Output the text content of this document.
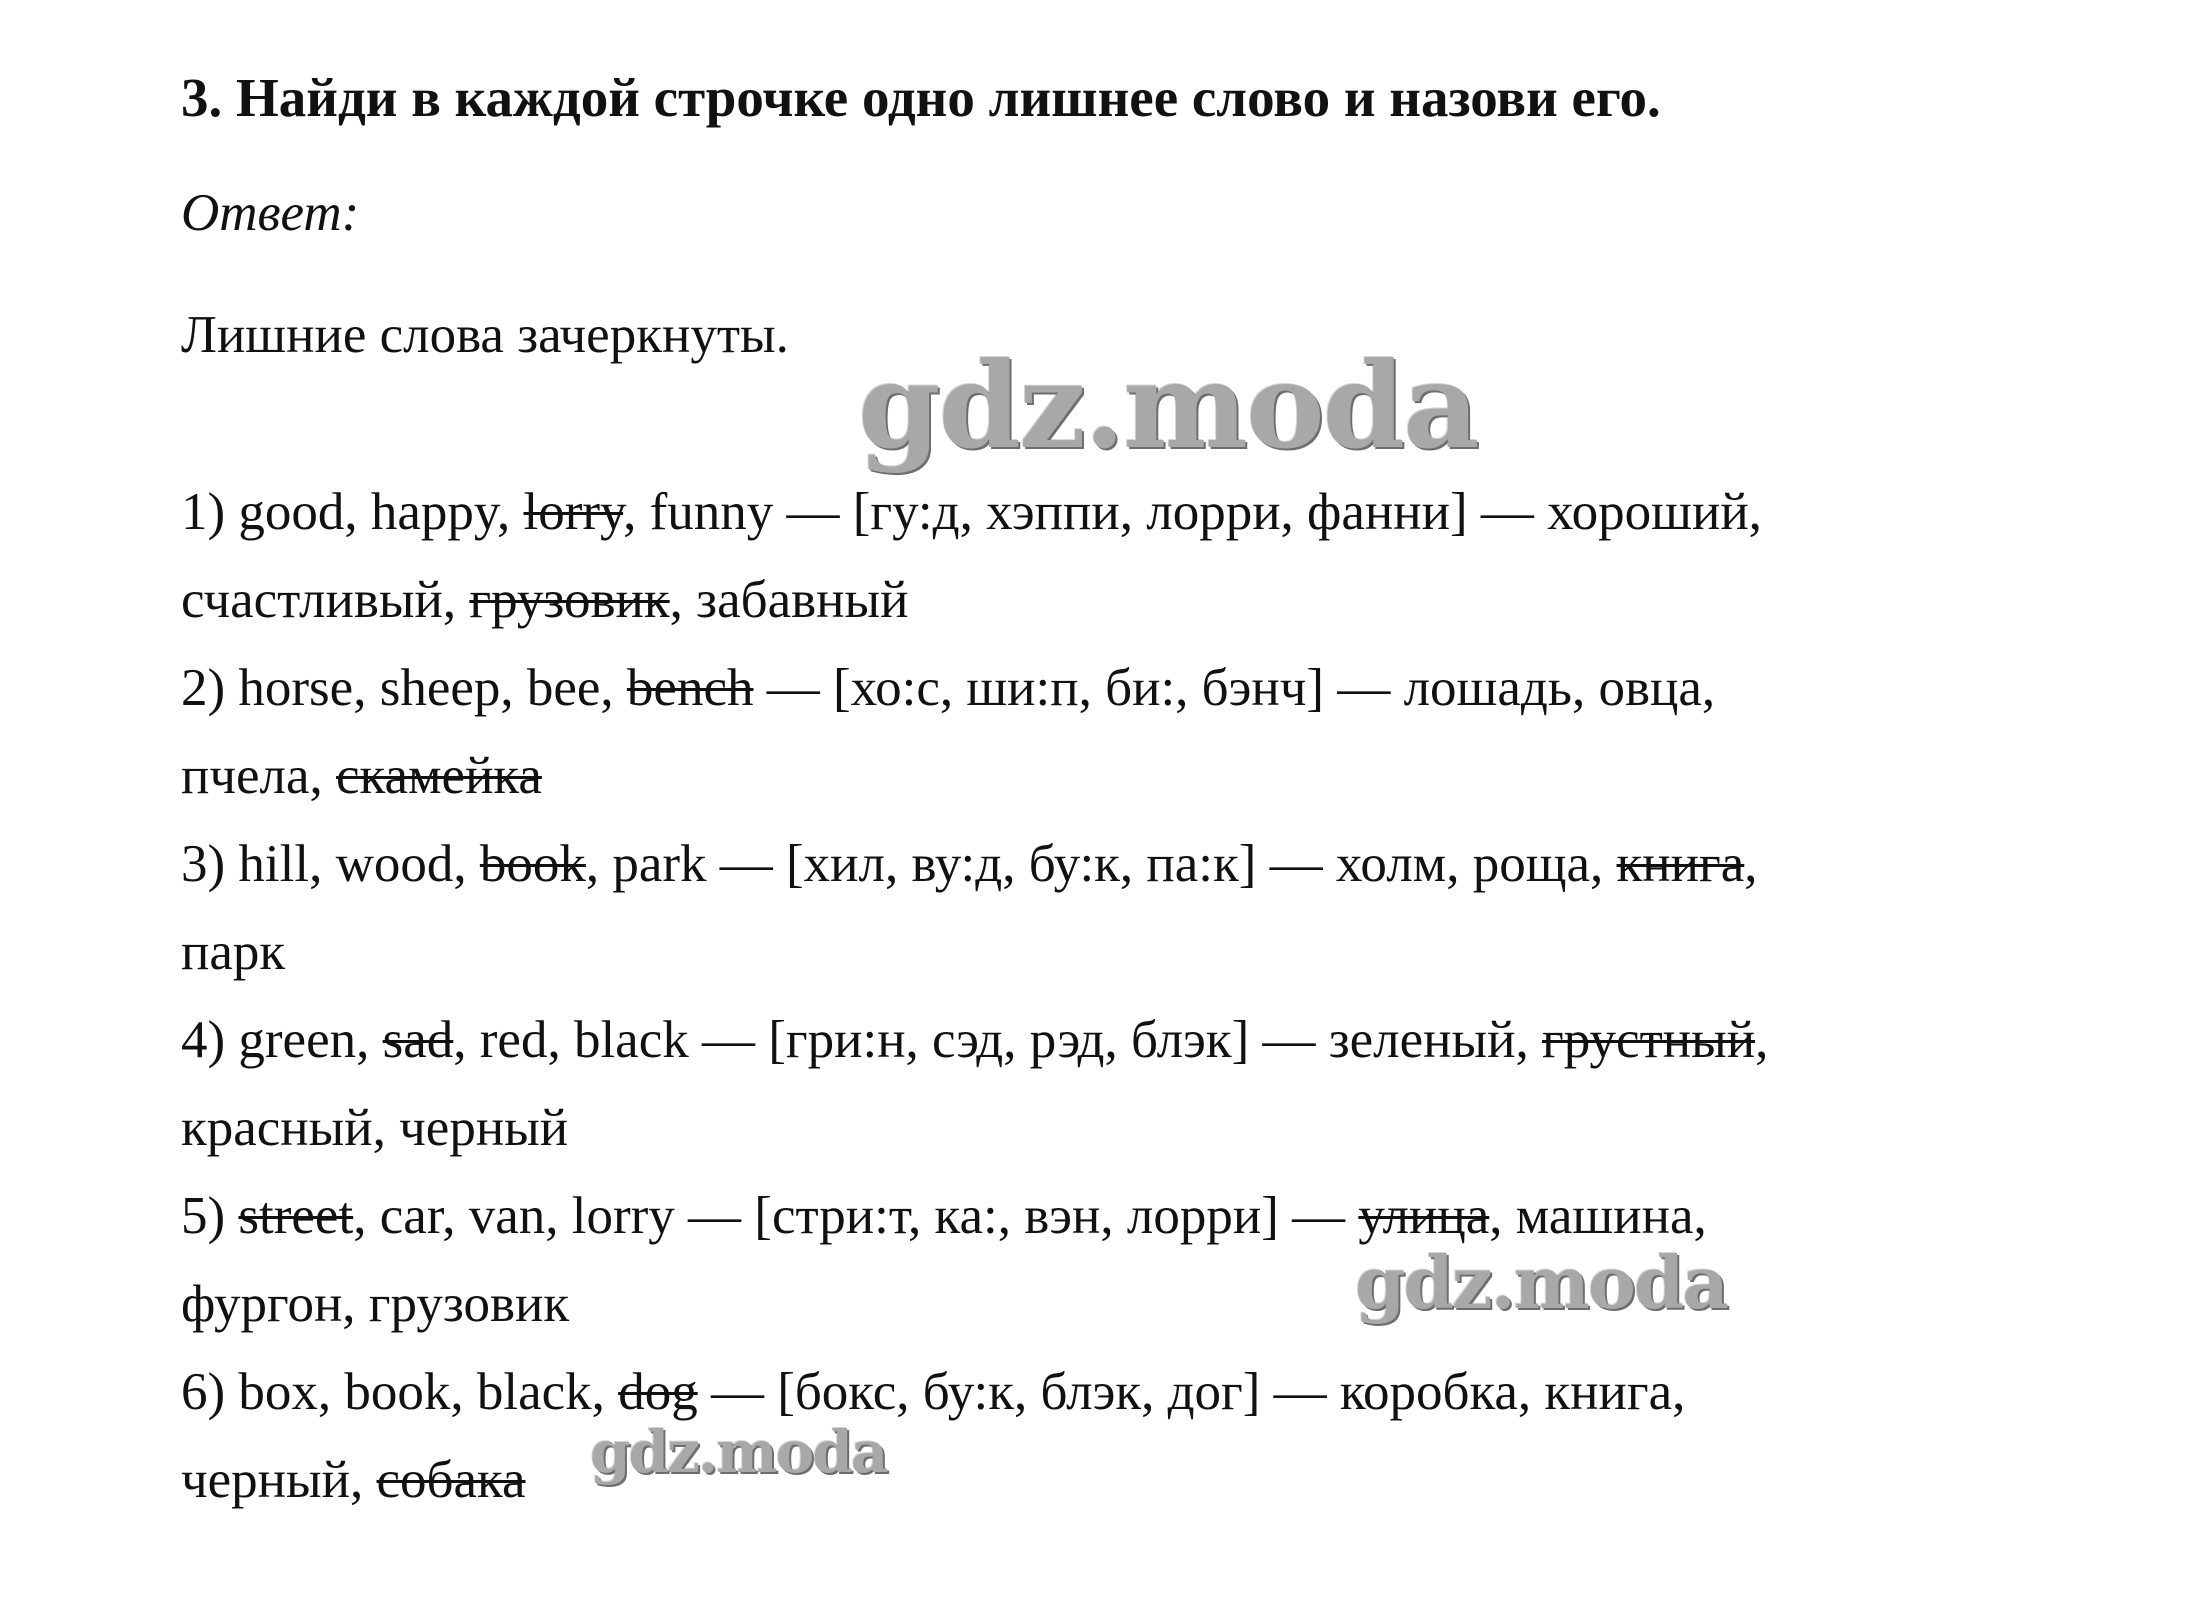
3. Найди в каждой строчке одно лишнее слово и назови его.

Ответ:

Лишние слова зачеркнуты.

gdz.moda
1) good, happy, lorry, funny — [гу:д, хэппи, лорри, фанни] — хороший,
счастливый, грузовик, забавный
2) horse, sheep, bee, bench — [хо:с, ши:п, би:, бэнч] — лошадь, овца,
пчела, скамейка
3) hill, wood, book, park — [хил, ву:д, бу:к, па:к] — холм, роща, книга,
парк
4) green, sad, red, black — [гри:н, сэд, рэд, блэк] — зеленый, грустный,
красный, черный
5) street, car, van, lorry — [стри:т, ка:, вэн, лорри] — улица, машина,
фургон, грузовик
6) box, book, black, dog — [бокс, бу:к, блэк, дог] — коробка, книга,
черный, собака
gdz.moda
gdz.moda
